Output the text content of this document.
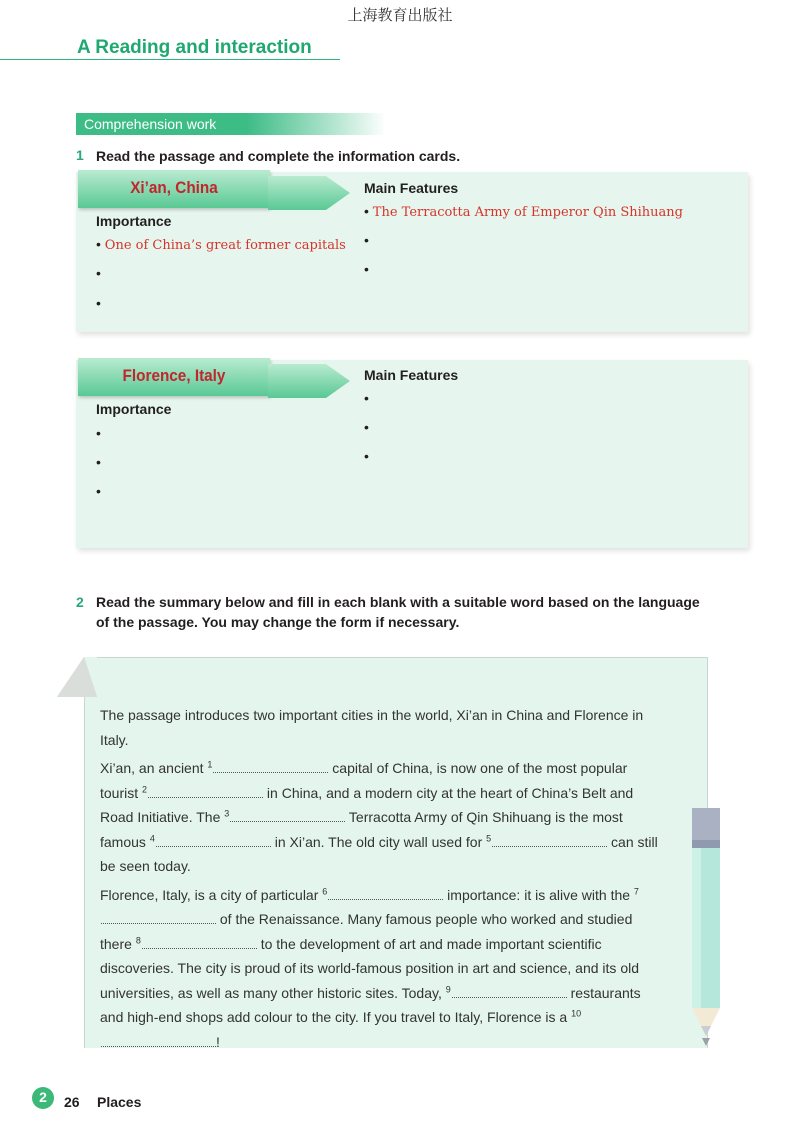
上海教育出版社
A Reading and interaction
Comprehension work
1 Read the passage and complete the information cards.
Xi’an, China
Importance
• One of China’s great former capitals
•
•
Main Features
• The Terracotta Army of Emperor Qin Shihuang
•
•
Florence, Italy
Importance
•
•
•
Main Features
•
•
•
2 Read the summary below and fill in each blank with a suitable word based on the language of the passage. You may change the form if necessary.

The passage introduces two important cities in the world, Xi’an in China and Florence in Italy.

Xi’an, an ancient $^1$	capital of China, is now one of the most popular tourist $^2$	in China, and a modern city at the heart of China’s Belt and Road Initiative. The $^3$	Terracotta Army of Qin Shihuang is the most famous $^4$	in Xi’an. The old city wall used for $^5$	can still be seen today.

Florence, Italy, is a city of particular $^6$	importance: it is alive with the $^7$ of the Renaissance. Many famous people who worked and studied there $^8$	to the development of art and made important scientific discoveries. The city is proud of its world-famous position in art and science, and its old universities, as well as many other historic sites. Today, $^9$	restaurants and high-end shops add colour to the city. If you travel to Italy, Florence is a $^{10}$!

2	26 Places
